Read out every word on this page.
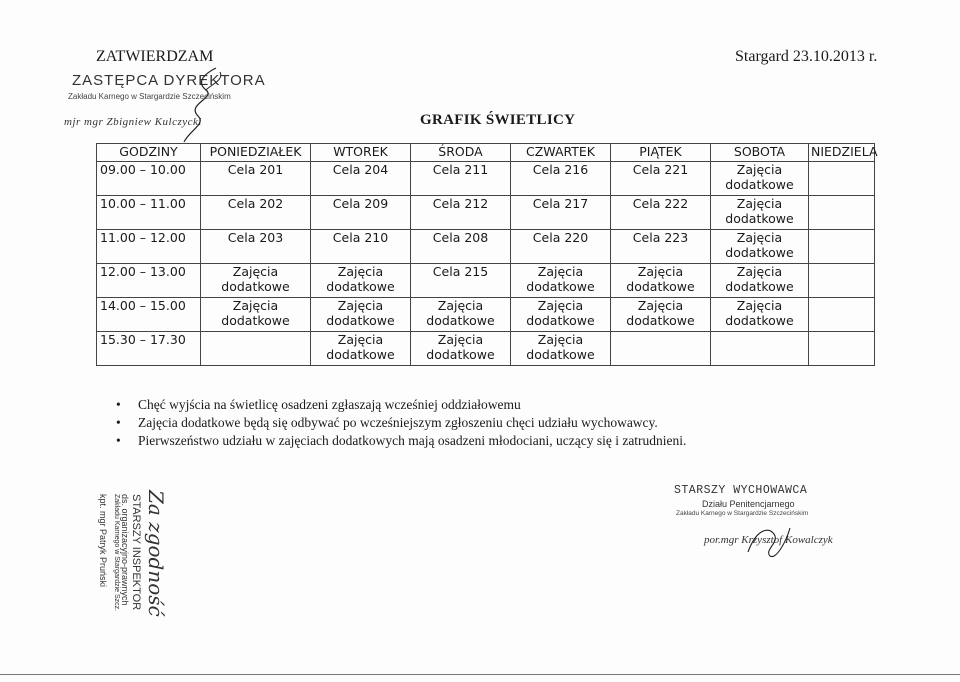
ZATWIERDZAM
ZASTĘPCA DYREKTORA
Zakładu Karnego w Stargardzie Szczecińskim
mjr mgr Zbigniew Kulczycki
Stargard 23.10.2013 r.
GRAFIK ŚWIETLICY
GODZINY	PONIEDZIAŁEK	WTOREK	ŚRODA	CZWARTEK	PIĄTEK	SOBOTA	NIEDZIELA
09.00 – 10.00	Cela 201	Cela 204	Cela 211	Cela 216	Cela 221	Zajęcia dodatkowe	
10.00 – 11.00	Cela 202	Cela 209	Cela 212	Cela 217	Cela 222	Zajęcia dodatkowe	
11.00 – 12.00	Cela 203	Cela 210	Cela 208	Cela 220	Cela 223	Zajęcia dodatkowe	
12.00 – 13.00	Zajęcia dodatkowe	Zajęcia dodatkowe	Cela 215	Zajęcia dodatkowe	Zajęcia dodatkowe	Zajęcia dodatkowe	
14.00 – 15.00	Zajęcia dodatkowe	Zajęcia dodatkowe	Zajęcia dodatkowe	Zajęcia dodatkowe	Zajęcia dodatkowe	Zajęcia dodatkowe	
15.30 – 17.30		Zajęcia dodatkowe	Zajęcia dodatkowe	Zajęcia dodatkowe			
• Chęć wyjścia na świetlicę osadzeni zgłaszają wcześniej oddziałowemu
• Zajęcia dodatkowe będą się odbywać po wcześniejszym zgłoszeniu chęci udziału wychowawcy.
• Pierwszeństwo udziału w zajęciach dodatkowych mają osadzeni młodociani, uczący się i zatrudnieni.
Za zgodność
STARSZY INSPEKTOR
ds. organizacyjno-prawnych
Zakładu Karnego w Stargardzie Szcz.
kpt. mgr Patryk Pruński
STARSZY WYCHOWAWCA
Działu Penitencjarnego
Zakładu Karnego w Stargardzie Szczecińskim
por.mgr Krzysztof Kowalczyk
